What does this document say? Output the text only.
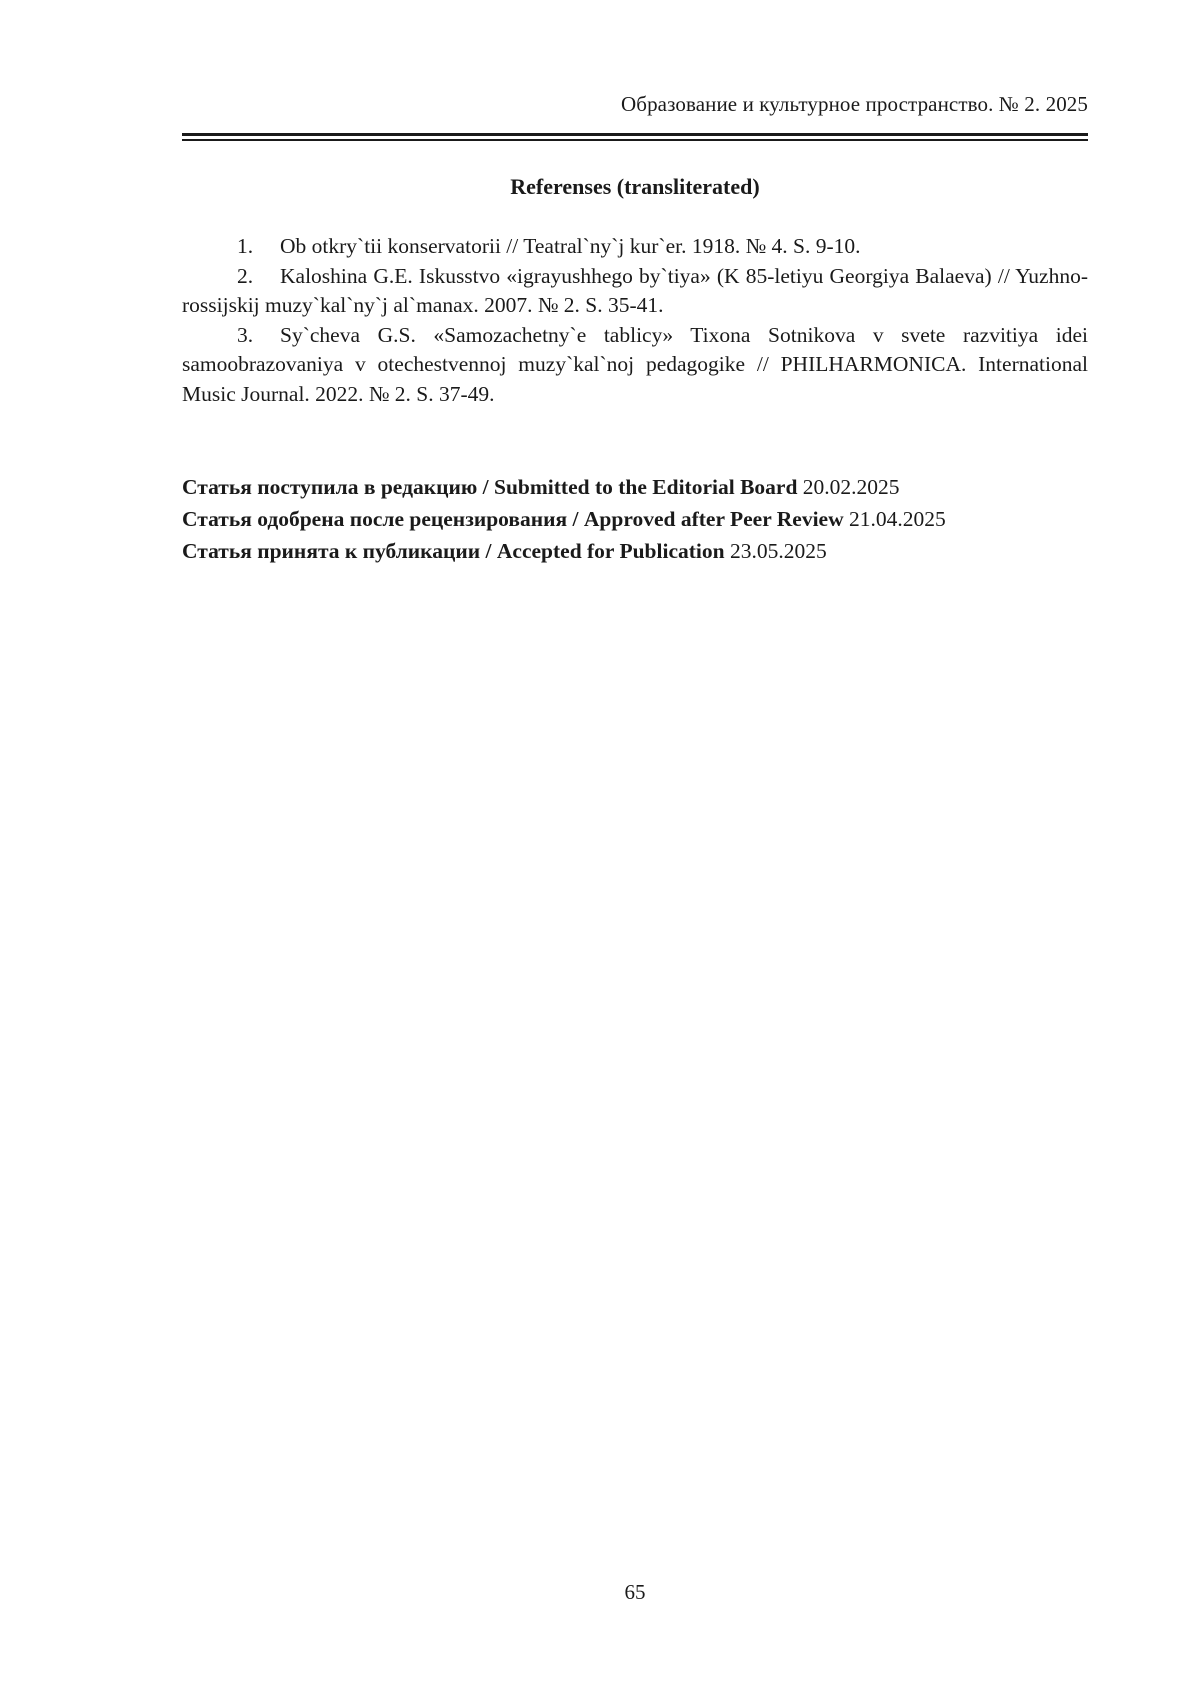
Образование и культурное пространство. № 2. 2025
Referenses (transliterated)

1. Ob otkry`tii konservatorii // Teatral`ny`j kur`er. 1918. № 4. S. 9-10.

2. Kaloshina G.E. Iskusstvo «igrayushhego by`tiya» (K 85-letiyu Georgiya Balaeva) // Yuzhno-rossijskij muzy`kal`ny`j al`manax. 2007. № 2. S. 35-41.

3. Sy`cheva G.S. «Samozachetny`e tablicy» Tixona Sotnikova v svete razvitiya idei samoobrazovaniya v otechestvennoj muzy`kal`noj pedagogike // PHILHARMONICA. International Music Journal. 2022. № 2. S. 37-49.

Статья поступила в редакцию / Submitted to the Editorial Board 20.02.2025

Статья одобрена после рецензирования / Approved after Peer Review 21.04.2025

Статья принята к публикации / Accepted for Publication 23.05.2025

65
